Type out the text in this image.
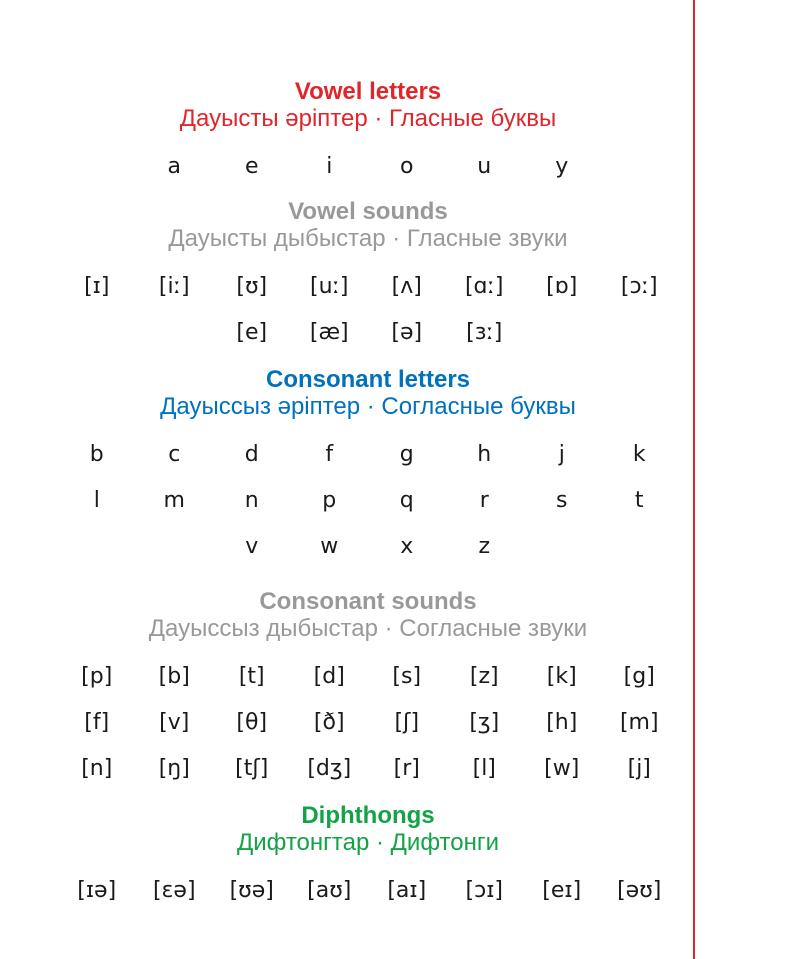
Vowel letters
Дауысты әріптер · Гласные буквы
a	e	i	o	u	y
Vowel sounds
Дауысты дыбыстар · Гласные звуки
[ɪ]	[iː]	[ʊ]	[uː]	[ʌ]	[ɑː]	[ɒ]	[ɔː]
[e]	[æ]	[ə]	[ɜː]
Consonant letters
Дауыссыз әріптер · Согласные буквы
b	c	d	f	g	h	j	k
l	m	n	p	q	r	s	t
v	w	x	z
Consonant sounds
Дауыссыз дыбыстар · Согласные звуки
[p]	[b]	[t]	[d]	[s]	[z]	[k]	[g]
[f]	[v]	[θ]	[ð]	[ʃ]	[ʒ]	[h]	[m]
[n]	[ŋ]	[tʃ]	[dʒ]	[r]	[l]	[w]	[j]
Diphthongs
Дифтонгтар · Дифтонги
[ɪə]	[ɛə]	[ʊə]	[aʊ]	[aɪ]	[ɔɪ]	[eɪ]	[əʊ]
